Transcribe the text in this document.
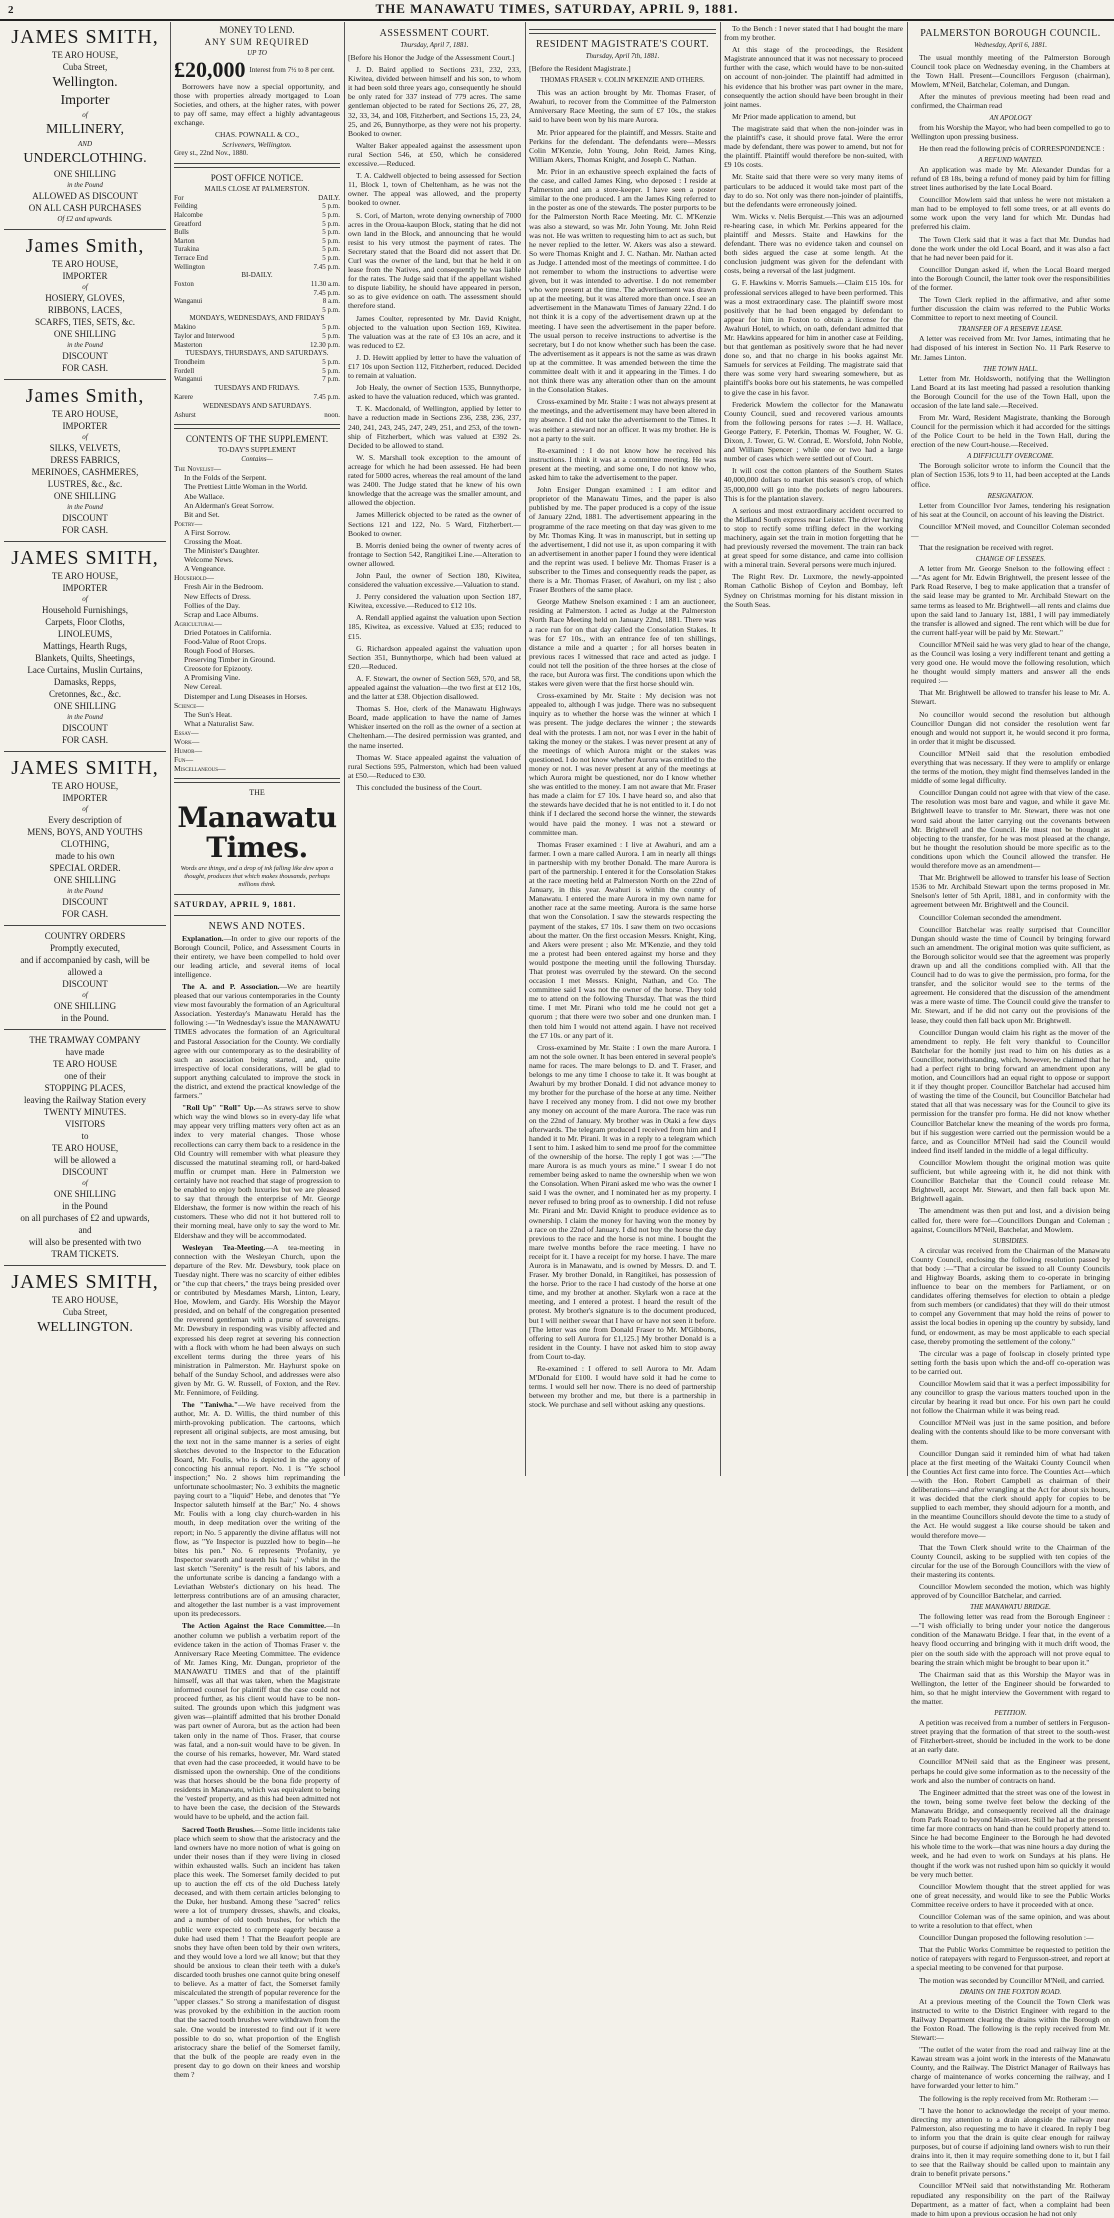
2	THE MANAWATU TIMES, SATURDAY, APRIL 9, 1881.
JAMES SMITH,
TE ARO HOUSE,
Cuba Street,
Wellington.
Importer
of
MILLINERY,
AND
UNDERCLOTHING.
ONE SHILLING
in the Pound
ALLOWED AS DISCOUNT
ON ALL CASH PURCHASES
Of £2 and upwards.
James Smith,
TE ARO HOUSE,
IMPORTER
of
HOSIERY, GLOVES,
RIBBONS, LACES,
SCARFS, TIES, SETS, &c.
ONE SHILLING
in the Pound
DISCOUNT
FOR CASH.
James Smith,
TE ARO HOUSE,
IMPORTER
of
SILKS, VELVETS,
DRESS FABRICS,
MERINOES, CASHMERES,
LUSTRES, &c., &c.
ONE SHILLING
in the Pound
DISCOUNT
FOR CASH.
JAMES SMITH,
TE ARO HOUSE,
IMPORTER
of
Household Furnishings,
Carpets, Floor Cloths,
LINOLEUMS,
Mattings, Hearth Rugs,
Blankets, Quilts, Sheetings,
Lace Curtains, Muslin Curtains,
Damasks, Repps,
Cretonnes, &c., &c.
ONE SHILLING
in the Pound
DISCOUNT
FOR CASH.
JAMES SMITH,
TE ARO HOUSE,
IMPORTER
of
Every description of
MENS, BOYS, AND YOUTHS
CLOTHING,
made to his own
SPECIAL ORDER.
ONE SHILLING
in the Pound
DISCOUNT
FOR CASH.
COUNTRY ORDERS
Promptly executed,
and if accompanied by cash, will be
allowed a
DISCOUNT
of
ONE SHILLING
in the Pound.
THE TRAMWAY COMPANY
have made
TE ARO HOUSE
one of their
STOPPING PLACES,
leaving the Railway Station every
TWENTY MINUTES.
VISITORS
to
TE ARO HOUSE,
will be allowed a
DISCOUNT
of
ONE SHILLING
in the Pound
on all purchases of £2 and upwards,
and
will also be presented with two
TRAM TICKETS.
JAMES SMITH,
TE ARO HOUSE,
Cuba Street,
WELLINGTON.
MONEY TO LEND.
ANY SUM REQUIRED
UP TO
£20,000 Interest from 7½ to 8 per cent.

Borrowers have now a special opportunity, and those with properties already mortgaged to Loan Societies, and others, at the higher rates, with power to pay off same, may effect a highly advantageous exchange.

CHAS. POWNALL & CO.,
Scriveners, Wellington.
Grey st., 22nd Nov., 1880.
POST OFFICE NOTICE.
MAILS CLOSE AT PALMERSTON.
For	DAILY.
Feilding	5 p.m.
Halcombe	5 p.m.
Greatford	5 p.m.
Bulls	5 p.m.
Marton	5 p.m.
Turakina	5 p.m.
Terrace End	5 p.m.
Wellington	7.45 p.m.
BI-DAILY.
Foxton	11.30 a.m.
7.45 p.m.
Wanganui	8 a.m.
5 p.m.
MONDAYS, WEDNESDAYS, AND FRIDAYS
Makino	5 p.m.
Taylor and Interwood	5 p.m.
Masterton	12.30 p.m.
TUESDAYS, THURSDAYS, AND SATURDAYS.
Trondheim	5 p.m.
Fordell	5 p.m.
Wanganui	7 p.m.
TUESDAYS AND FRIDAYS.
Karere	7.45 p.m.
WEDNESDAYS AND SATURDAYS.
Ashurst	noon.
CONTENTS OF THE SUPPLEMENT.
TO-DAY'S SUPPLEMENT
Contains—
The Novelist—
In the Folds of the Serpent.
The Prettiest Little Woman in the World.
Abe Wallace.
An Alderman's Great Sorrow.
Bit and Set.
Poetry—
A First Sorrow.
Crossing the Moat.
The Minister's Daughter.
Welcome News.
A Vengeance.
Household—
Fresh Air in the Bedroom.
New Effects of Dress.
Follies of the Day.
Scrap and Lace Albums.
Agricultural—
Dried Potatoes in California.
Food-Value of Root Crops.
Rough Food of Horses.
Preserving Timber in Ground.
Creosote for Epizooty.
A Promising Vine.
New Cereal.
Distemper and Lung Diseases in Horses.
Science—
The Sun's Heat.
What a Naturalist Saw.
Essay—
Work—
Humor—
Fun—
Miscellaneous—
THE
Manawatu Times.
Words are things, and a drop of ink falling like dew upon a thought, produces that which makes thousands, perhaps millions think.
SATURDAY, APRIL 9, 1881.
NEWS AND NOTES.

Explanation.—In order to give our reports of the Borough Council, Police, and Assessment Courts in their entirety, we have been compelled to hold over our leading article, and several items of local intelligence.

The A. and P. Association.—We are heartily pleased that our various contemporaries in the County view most favourably the formation of an Agricultural Association. Yesterday's Manawatu Herald has the following :—"In Wednesday's issue the MANAWATU TIMES advocates the formation of an Agricultural and Pastoral Association for the County. We cordially agree with our contemporary as to the desirability of such an association being started, and, quite irrespective of local considerations, will be glad to support anything calculated to improve the stock in the district, and extend the practical knowledge of the farmers."

"Roll Up" "Roll" Up.—As straws serve to show which way the wind blows so in every-day life what may appear very trifling matters very often act as an index to very material changes. Those whose recollections can carry them back to a residence in the Old Country will remember with what pleasure they discussed the matutinal steaming roll, or hard-baked muffin or crumpet man. Here in Palmerston we certainly have not reached that stage of progression to be enabled to enjoy both luxuries but we are pleased to say that through the enterprise of Mr. George Eldershaw, the former is now within the reach of his customers. These who did not it hot buttered roll to their morning meal, have only to say the word to Mr. Eldershaw and they will be accommodated.

Wesleyan Tea-Meeting.—A tea-meeting in connection with the Wesleyan Church, upon the departure of the Rev. Mr. Dewsbury, took place on Tuesday night. There was no scarcity of either edibles or "the cup that cheers," the trays being presided over or contributed by Mesdames Marsh, Linton, Leary, Hoe, Mowlem, and Gardy. His Worship the Mayor presided, and on behalf of the congregation presented the reverend gentleman with a purse of sovereigns. Mr. Dewsbury in responding was visibly affected and expressed his deep regret at severing his connection with a flock with whom he had been always on such excellent terms during the three years of his ministration in Palmerston. Mr. Hayhurst spoke on behalf of the Sunday School, and addresses were also given by Mr. G. W. Russell, of Foxton, and the Rev. Mr. Fennimore, of Feilding.

The "Taniwha."—We have received from the author, Mr. A. D. Willis, the third number of this mirth-provoking publication. The cartoons, which represent all original subjects, are most amusing, but the text not in the same manner is a series of eight sketches devoted to the Inspector to the Education Board, Mr. Foulis, who is depicted in the agony of concocting his annual report. No. 1 is "Ye school inspection;" No. 2 shows him reprimanding the unfortunate schoolmaster; No. 3 exhibits the magnetic paying court to a "liquid" Hebe, and denotes that "Ye Inspector saluteth himself at the Bar;" No. 4 shows Mr. Foulis with a long clay church-warden in his mouth, in deep meditation over the writing of the report; in No. 5 apparently the divine afflatus will not flow, as "Ye Inspector is puzzled how to begin—he bites his pen." No. 6 represents 'Profanity, ye Inspector swareth and teareth his hair ;' whilst in the last sketch "Serenity" is the result of his labors, and the unfortunate scribe is dancing a fandango with a Leviathan Webster's dictionary on his head. The letterpress contributions are of an amusing character, and altogether the last number is a vast improvement upon its predecessors.

The Action Against the Race Committee.—In another column we publish a verbatim report of the evidence taken in the action of Thomas Fraser v. the Anniversary Race Meeting Committee. The evidence of Mr. James King, Mr. Dungan, proprietor of the MANAWATU TIMES and that of the plaintiff himself, was all that was taken, when the Magistrate informed counsel for plaintiff that the case could not proceed further, as his client would have to be non-suited. The grounds upon which this judgment was given was—plaintiff admitted that his brother Donald was part owner of Aurora, but as the action had been taken only in the name of Thos. Fraser, that course was fatal, and a non-suit would have to be given. In the course of his remarks, however, Mr. Ward stated that even had the case proceeded, it would have to be dismissed upon the ownership. One of the conditions was that horses should be the bona fide property of residents in Manawatu, which was equivalent to being the 'vested' property, and as this had been admitted not to have been the case, the decision of the Stewards would have to be upheld, and the action fail.

Sacred Tooth Brushes.—Some little incidents take place which seem to show that the aristocracy and the land owners have no more notion of what is going on under their noses than if they were living in closed within exhausted walls. Such an incident has taken place this week. The Somerset family decided to put up to auction the eff cts of the old Duchess lately deceased, and with them certain articles belonging to the Duke, her husband. Among these "sacred" relics were a lot of trumpery dresses, shawls, and cloaks, and a number of old tooth brushes, for which the public were expected to compete eagerly because a duke had used them ! That the Beaufort people are snobs they have often been told by their own writers, and they would love a lord we all know; but that they should be anxious to clean their teeth with a duke's discarded tooth brushes one cannot quite bring oneself to believe. As a matter of fact, the Somerset family miscalculated the strength of popular reverence for the "upper classes." So strong a manifestation of disgust was provoked by the exhibition in the auction room that the sacred tooth brushes were withdrawn from the sale. One would be interested to find out if it were possible to do so, what proportion of the English aristocracy share the belief of the Somerset family, that the bulk of the people are ready even in the present day to go down on their knees and worship them ?

ASSESSMENT COURT.
Thursday, April 7, 1881.

[Before his Honor the Judge of the Assessment Court.]

J. D. Baird applied to Sections 231, 232, 233, Kiwitea, divided between himself and his son, to whom it had been sold three years ago, consequently he should be only rated for 337 instead of 779 acres. The same gentleman objected to be rated for Sections 26, 27, 28, 32, 33, 34, and 108, Fitzherbert, and Sections 15, 23, 24, 25, and 26, Bunnythorpe, as they were not his property. Booked to owner.

Walter Baker appealed against the assessment upon rural Section 546, at £50, which he considered excessive.—Reduced.

T. A. Caldwell objected to being assessed for Section 11, Block 1, town of Cheltenham, as he was not the owner. The appeal was allowed, and the property booked to owner.

S. Cori, of Marton, wrote denying ownership of 7000 acres in the Oroua-kaupon Block, stating that he did not own land in the Block, and announcing that he would resist to his very utmost the payment of rates. The Secretary stated that the Board did not assert that Dr. Curl was the owner of the land, but that he held it on lease from the Natives, and consequently he was liable for the rates. The Judge said that if the appellant wished to dispute liability, he should have appeared in person, so as to give evidence on oath. The assessment should therefore stand.

James Coulter, represented by Mr. David Knight, objected to the valuation upon Section 169, Kiwitea. The valuation was at the rate of £3 10s an acre, and it was reduced to £2.

J. D. Hewitt applied by letter to have the valuation of £17 10s upon Section 112, Fitzherbert, reduced. Decided to remain at valuation.

Job Healy, the owner of Section 1535, Bunnythorpe, asked to have the valuation reduced, which was granted.

T. K. Macdonald, of Wellington, applied by letter to have a reduction made in Sections 236, 238, 236, 237, 240, 241, 243, 245, 247, 249, 251, and 253, of the town-ship of Fitzherbert, which was valued at £392 2s. Decided to be allowed to stand.

W. S. Marshall took exception to the amount of acreage for which he had been assessed. He had been rated for 5000 acres, whereas the real amount of the land was 2400. The Judge stated that he knew of his own knowledge that the acreage was the smaller amount, and allowed the objection.

James Millerick objected to be rated as the owner of Sections 121 and 122, No. 5 Ward, Fitzherbert.—Booked to owner.

B. Morris denied being the owner of twenty acres of frontage to Section 542, Rangitikei Line.—Alteration to owner allowed.

John Paul, the owner of Section 180, Kiwitea, considered the valuation excessive.—Valuation to stand.

J. Perry considered the valuation upon Section 187, Kiwitea, excessive.—Reduced to £12 10s.

A. Rendall applied against the valuation upon Section 185, Kiwitea, as excessive. Valued at £35; reduced to £15.

G. Richardson appealed against the valuation upon Section 351, Bunnythorpe, which had been valued at £20.—Reduced.

A. F. Stewart, the owner of Section 569, 570, and 58, appealed against the valuation—the two first at £12 10s, and the latter at £38. Objection disallowed.

Thomas S. Hoe, clerk of the Manawatu Highways Board, made application to have the name of James Whisker inserted on the roll as the owner of a section at Cheltenham.—The desired permission was granted, and the name inserted.

Thomas W. Stace appealed against the valuation of rural Sections 595, Palmerston, which had been valued at £50.—Reduced to £30.

This concluded the business of the Court.

RESIDENT MAGISTRATE'S COURT.
Thursday, April 7th, 1881.

[Before the Resident Magistrate.]

THOMAS FRASER v. COLIN M'KENZIE AND OTHERS.

This was an action brought by Mr. Thomas Fraser, of Awahuri, to recover from the Committee of the Palmerston Anniversary Race Meeting, the sum of £7 10s., the stakes said to have been won by his mare Aurora.

Mr. Prior appeared for the plaintiff, and Messrs. Staite and Perkins for the defendant. The defendants were—Messrs Colin M'Kenzie, John Young, John Reid, James King, William Akers, Thomas Knight, and Joseph C. Nathan.

Mr. Prior in an exhaustive speech explained the facts of the case, and called James King, who deposed : I reside at Palmerston and am a store-keeper. I have seen a poster similar to the one produced. I am the James King referred to in the poster as one of the stewards. The poster purports to be for the Palmerston North Race Meeting. Mr. C. M'Kenzie was also a steward, so was Mr. John Young. Mr. John Reid was not. He was written to requesting him to act as such, but he never replied to the letter. W. Akers was also a steward. So were Thomas Knight and J. C. Nathan. Mr. Nathan acted as Judge. I attended most of the meetings of committee. I do not remember to whom the instructions to advertise were given, but it was intended to advertise. I do not remember who were present at the time. The advertisement was drawn up at the meeting, but it was altered more than once. I see an advertisement in the Manawatu Times of January 22nd. I do not think it is a copy of the advertisement drawn up at the meeting. I have seen the advertisement in the paper before. The usual person to receive instructions to advertise is the secretary, but I do not know whether such has been the case. The advertisement as it appears is not the same as was drawn up at the committee. It was amended between the time the committee dealt with it and it appearing in the Times. I do not think there was any alteration other than on the amount in the Consolation Stakes.

Cross-examined by Mr. Staite : I was not always present at the meetings, and the advertisement may have been altered in my absence. I did not take the advertisement to the Times. It was neither a steward nor an officer. It was my brother. He is not a party to the suit.

Re-examined : I do not know how he received his instructions. I think it was at a committee meeting. He was present at the meeting, and some one, I do not know who, asked him to take the advertisement to the paper.

John Ensiger Dungan examined : I am editor and proprietor of the Manawatu Times, and the paper is also published by me. The paper produced is a copy of the issue of January 22nd, 1881. The advertisement appearing in the programme of the race meeting on that day was given to me by Mr. Thomas King. It was in manuscript, but in setting up the advertisement, I did not use it, as upon comparing it with an advertisement in another paper I found they were identical and the reprint was used. I believe Mr. Thomas Fraser is a subscriber to the Times and consequently reads the paper, as there is a Mr. Thomas Fraser, of Awahuri, on my list ; also Fraser Brothers of the same place.

George Mathew Snelson examined : I am an auctioneer, residing at Palmerston. I acted as Judge at the Palmerston North Race Meeting held on January 22nd, 1881. There was a race run for on that day called the Consolation Stakes. It was for £7 10s., with an entrance fee of ten shillings, distance a mile and a quarter ; for all horses beaten in previous races I witnessed that race and acted as judge. I could not tell the position of the three horses at the close of the race, but Aurora was first. The conditions upon which the stakes were given were that the first horse should win.

Cross-examined by Mr. Staite : My decision was not appealed to, although I was judge. There was no subsequent inquiry as to whether the horse was the winner at which I was present. The judge declares the winner ; the stewards deal with the protests. I am not, nor was I ever in the habit of taking the money or the stakes. I was never present at any of the meetings of which Aurora might or the stakes was questioned. I do not know whether Aurora was entitled to the money or not. I was never present at any of the meetings at which Aurora might be questioned, nor do I know whether she was entitled to the money. I am not aware that Mr. Fraser has made a claim for £7 10s. I have heard so, and also that the stewards have decided that he is not entitled to it. I do not think if I declared the second horse the winner, the stewards would have paid the money. I was not a steward or committee man.

Thomas Fraser examined : I live at Awahuri, and am a farmer. I own a mare called Aurora. I am in nearly all things in partnership with my brother Donald. The mare Aurora is part of the partnership. I entered it for the Consolation Stakes at the race meeting held at Palmerston North on the 22nd of January, in this year. Awahuri is within the county of Manawatu. I entered the mare Aurora in my own name for another race at the same meeting. Aurora is the same horse that won the Consolation. I saw the stewards respecting the payment of the stakes, £7 10s. I saw them on two occasions about the matter. On the first occasion Messrs. Knight, King, and Akers were present ; also Mr. M'Kenzie, and they told me a protest had been entered against my horse and they would postpone the meeting until the following Thursday. That protest was overruled by the steward. On the second occasion I met Messrs. Knight, Nathan, and Co. The committee said I was not the owner of the horse. They told me to attend on the following Thursday. That was the third time. I met Mr. Pirani who told me he could not get a quorum ; that there were two sober and one drunken man. I then told him I would not attend again. I have not received the £7 10s. or any part of it.

Cross-examined by Mr. Staite : I own the mare Aurora. I am not the sole owner. It has been entered in several people's name for races. The mare belongs to D. and T. Fraser, and belongs to me any time I choose to take it. It was bought at Awahuri by my brother Donald. I did not advance money to my brother for the purchase of the horse at any time. Neither have I received any money from. I did not owe my brother any money on account of the mare Aurora. The race was run on the 22nd of January. My brother was in Otaki a few days afterwards. The telegram produced I received from him and I handed it to Mr. Pirani. It was in a reply to a telegram which I sent to him. I asked him to send me proof for the committee of the ownership of the horse. The reply I got was :—"The mare Aurora is as much yours as mine." I swear I do not remember being asked to name the ownership when we won the Consolation. When Pirani asked me who was the owner I said I was the owner, and I nominated her as my property. I never refused to bring proof as to ownership. I did not refuse Mr. Pirani and Mr. David Knight to produce evidence as to ownership. I claim the money for having won the money by a race on the 22nd of January. I did not buy the horse the day previous to the race and the horse is not mine. I bought the mare twelve months before the race meeting. I have no receipt for it. I have a receipt for my horse. I have. The mare Aurora is in Manawatu, and is owned by Messrs. D. and T. Fraser. My brother Donald, in Rangitikei, has possession of the horse. Prior to the race I had custody of the horse at one time, and my brother at another. Skylark won a race at the meeting, and I entered a protest. I heard the result of the protest. My brother's signature is to the document produced, but I will neither swear that I have or have not seen it before. [The letter was one from Donald Fraser to Mr. M'Gibbons, offering to sell Aurora for £1,125.] My brother Donald is a resident in the County. I have not asked him to stop away from Court to-day.

Re-examined : I offered to sell Aurora to Mr. Adam M'Donald for £100. I would have sold it had he come to terms. I would sell her now. There is no deed of partnership between my brother and me, but there is a partnership in stock. We purchase and sell without asking any questions.

To the Bench : I never stated that I had bought the mare from my brother.

At this stage of the proceedings, the Resident Magistrate announced that it was not necessary to proceed further with the case, which would have to be non-suited on account of non-joinder. The plaintiff had admitted in his evidence that his brother was part owner in the mare, consequently the action should have been brought in their joint names.

Mr Prior made application to amend, but

The magistrate said that when the non-joinder was in the plaintiff's case, it should prove fatal. Were the error made by defendant, there was power to amend, but not for the plaintiff. Plaintiff would therefore be non-suited, with £9 10s costs.

Mr. Staite said that there were so very many items of particulars to be adduced it would take most part of the day to do so. Not only was there non-joinder of plaintiffs, but the defendants were erroneously joined.

Wm. Wicks v. Nelis Berquist.—This was an adjourned re-hearing case, in which Mr. Perkins appeared for the plaintiff and Messrs. Staite and Hawkins for the defendant. There was no evidence taken and counsel on both sides argued the case at some length. At the conclusion judgment was given for the defendant with costs, being a reversal of the last judgment.

G. F. Hawkins v. Morris Samuels.—Claim £15 10s. for professional services alleged to have been performed. This was a most extraordinary case. The plaintiff swore most positively that he had been engaged by defendant to appear for him in Foxton to obtain a license for the Awahuri Hotel, to which, on oath, defendant admitted that Mr. Hawkins appeared for him in another case at Feilding, but that gentleman as positively swore that he had never done so, and that no charge in his books against Mr. Samuels for services at Feilding. The magistrate said that there was some very hard swearing somewhere, but as plaintiff's books bore out his statements, he was compelled to give the case in his favor.

Frederick Mowlem the collector for the Manawatu County Council, sued and recovered various amounts from the following persons for rates :—J. H. Wallace, George Pattery, F. Peterkin, Thomas W. Fougher, W. G. Dixon, J. Tower, G. W. Conrad, E. Worsfold, John Noble, and William Spencer ; while one or two had a large number of cases which were settled out of Court.

It will cost the cotton planters of the Southern States 40,000,000 dollars to market this season's crop, of which 35,000,000 will go into the pockets of negro labourers. This is for the plantation slavery.

A serious and most extraordinary accident occurred to the Midland South express near Leister. The driver having to stop to rectify some trifling defect in the working machinery, again set the train in motion forgetting that he had previously reversed the movement. The train ran back at great speed for some distance, and came into collision with a mineral train. Several persons were much injured.

The Right Rev. Dr. Luxmore, the newly-appointed Roman Catholic Bishop of Ceylon and Bombay, left Sydney on Christmas morning for his distant mission in the South Seas.

PALMERSTON BOROUGH COUNCIL.
Wednesday, April 6, 1881.

The usual monthly meeting of the Palmerston Borough Council took place on Wednesday evening, in the Chambers at the Town Hall. Present—Councillors Ferguson (chairman), Mowlem, M'Neil, Batchelar, Coleman, and Dungan.

After the minutes of previous meeting had been read and confirmed, the Chairman read

AN APOLOGY

from his Worship the Mayor, who had been compelled to go to Wellington upon pressing business.

He then read the following précis of CORRESPONDENCE :

A REFUND WANTED.

An application was made by Mr. Alexander Dundas for a refund of £8 18s, being a refund of money paid by him for filling street lines authorised by the late Local Board.

Councillor Mowlem said that unless he were not mistaken a man had to be employed to fell some trees, or at all events do some work upon the very land for which Mr. Dundas had preferred his claim.

The Town Clerk said that it was a fact that Mr. Dundas had done the work under the old Local Board, and it was also a fact that he had never been paid for it.

Councillor Dungan asked if, when the Local Board merged into the Borough Council, the latter took over the responsibilities of the former.

The Town Clerk replied in the affirmative, and after some further discussion the claim was referred to the Public Works Committee to report to next meeting of Council.

TRANSFER OF A RESERVE LEASE.

A letter was received from Mr. Ivor James, intimating that he had disposed of his interest in Section No. 11 Park Reserve to Mr. James Linton.

THE TOWN HALL.

Letter from Mr. Holdsworth, notifying that the Wellington Land Board at its last meeting had passed a resolution thanking the Borough Council for the use of the Town Hall, upon the occasion of the late land sale.—Received.

From Mr. Ward, Resident Magistrate, thanking the Borough Council for the permission which it had accorded for the sittings of the Police Court to be held in the Town Hall, during the erection of the new Court-house.—Received.

A DIFFICULTY OVERCOME.

The Borough solicitor wrote to inform the Council that the plan of Section 1536, lots 9 to 11, had been accepted at the Lands office.

RESIGNATION.

Letter from Councillor Ivor James, tendering his resignation of his seat at the Council, on account of his leaving the District.

Councillor M'Neil moved, and Councillor Coleman seconded—

That the resignation be received with regret.

CHANGE OF LESSEES.

A letter from Mr. George Snelson to the following effect :—"As agent for Mr. Edwin Brightwell, the present lessee of the Park Road Reserve, I beg to make application that a transfer of the said lease may be granted to Mr. Archibald Stewart on the same terms as leased to Mr. Brightwell—all rents and claims due upon the said land to January 1st, 1881, I will pay immediately the transfer is allowed and signed. The rent which will be due for the current half-year will be paid by Mr. Stewart."

Councillor M'Neil said he was very glad to hear of the change, as the Council was losing a very indifferent tenant and getting a very good one. He would move the following resolution, which he thought would simply matters and answer all the ends required :—

That Mr. Brightwell be allowed to transfer his lease to Mr. A. Stewart.

No councillor would second the resolution but although Councillor Dungan did not consider the resolution went far enough and would not support it, he would second it pro forma, in order that it might be discussed.

Councillor M'Neil said that the resolution embodied everything that was necessary. If they were to amplify or enlarge the terms of the motion, they might find themselves landed in the middle of some legal difficulty.

Councillor Dungan could not agree with that view of the case. The resolution was most bare and vague, and while it gave Mr. Brightwell leave to transfer to Mr. Stewart, there was not one word said about the latter carrying out the covenants between Mr. Brightwell and the Council. He must not be thought as objecting to the transfer, for he was most pleased at the change, but he thought the resolution should be more specific as to the conditions upon which the Council allowed the transfer. He would therefore move as an amendment—

That Mr. Brightwell be allowed to transfer his lease of Section 1536 to Mr. Archibald Stewart upon the terms proposed in Mr. Snelson's letter of 5th April, 1881, and in conformity with the agreement between Mr. Brightwell and the Council.

Councillor Coleman seconded the amendment.

Councillor Batchelar was really surprised that Councillor Dungan should waste the time of Council by bringing forward such an amendment. The original motion was quite sufficient, as the Borough solicitor would see that the agreement was properly drawn up and all the conditions complied with. All that the Council had to do was to give the permission, pro forma, for the transfer, and the solicitor would see to the terms of the agreement. He considered that the discussion of the amendment was a mere waste of time. The Council could give the transfer to Mr. Stewart, and if he did not carry out the provisions of the lease, they could then fall back upon Mr. Brightwell.

Councillor Dungan would claim his right as the mover of the amendment to reply. He felt very thankful to Councillor Batchelar for the homily just read to him on his duties as a Councillor, notwithstanding, which, however, he claimed that he had a perfect right to bring forward an amendment upon any motion, and Councillors had an equal right to oppose or support it if they thought proper. Councillor Batchelar had accused him of wasting the time of the Council, but Councillor Batchelar had stated that all that was necessary was for the Council to give its permission for the transfer pro forma. He did not know whether Councillor Batchelar knew the meaning of the words pro forma, but if his suggestion were carried out the permission would be a farce, and as Councillor M'Neil had said the Council would indeed find itself landed in the middle of a legal difficulty.

Councillor Mowlem thought the original motion was quite sufficient, but while agreeing with it, he did not think with Councillor Batchelar that the Council could release Mr. Brightwell, accept Mr. Stewart, and then fall back upon Mr. Brightwell again.

The amendment was then put and lost, and a division being called for, there were for—Councillors Dungan and Coleman ; against, Councillors M'Neil, Batchelar, and Mowlem.

SUBSIDIES.

A circular was received from the Chairman of the Manawatu County Council, enclosing the following resolution passed by that body :—"That a circular be issued to all County Councils and Highway Boards, asking them to co-operate in bringing influence to bear on the members for Parliament, or on candidates offering themselves for election to obtain a pledge from such members (or candidates) that they will do their utmost to compel any Government that may hold the reins of power to assist the local bodies in opening up the country by subsidy, land fund, or endowment, as may be most applicable to each special case, thereby promoting the settlement of the colony."

The circular was a page of foolscap in closely printed type setting forth the basis upon which the and-off co-operation was to be carried out.

Councillor Mowlem said that it was a perfect impossibility for any councillor to grasp the various matters touched upon in the circular by hearing it read but once. For his own part he could not follow the Chairman while it was being read.

Councillor M'Neil was just in the same position, and before dealing with the contents should like to be more conversant with them.

Councillor Dungan said it reminded him of what had taken place at the first meeting of the Waitaki County Council when the Counties Act first came into force. The Counties Act—which—with the Hon. Robert Campbell as chairman of their deliberations—and after wrangling at the Act for about six hours, it was decided that the clerk should apply for copies to be supplied to each member, they should adjourn for a month, and in the meantime Councillors should devote the time to a study of the Act. He would suggest a like course should be taken and would therefore move—

That the Town Clerk should write to the Chairman of the County Council, asking to be supplied with ten copies of the circular for the use of the Borough Councillors with the view of their mastering its contents.

Councillor Mowlem seconded the motion, which was highly approved of by Councillor Batchelar, and carried.

THE MANAWATU BRIDGE.

The following letter was read from the Borough Engineer :—"I wish officially to bring under your notice the dangerous condition of the Manawatu Bridge. I fear that, in the event of a heavy flood occurring and bringing with it much drift wood, the pier on the south side with the approach will not prove equal to bearing the strain which might be brought to bear upon it."

The Chairman said that as this Worship the Mayor was in Wellington, the letter of the Engineer should be forwarded to him, so that he might interview the Government with regard to the matter.

PETITION.

A petition was received from a number of settlers in Ferguson-street praying that the formation of that street to the south-west of Fitzherbert-street, should be included in the work to be done at an early date.

Councillor M'Neil said that as the Engineer was present, perhaps he could give some information as to the necessity of the work and also the number of contracts on hand.

The Engineer admitted that the street was one of the lowest in the town, being some twelve feet below the decking of the Manawatu Bridge, and consequently received all the drainage from Park Road to beyond Main-street. Still he had at the present time far more contracts on hand than he could properly attend to. Since he had become Engineer to the Borough he had devoted his whole time to the work—that was nine hours a day during the week, and he had even to work on Sundays at his plans. He thought if the work was not rushed upon him so quickly it would be very much better.

Councillor Mowlem thought that the street applied for was one of great necessity, and would like to see the Public Works Committee receive orders to have it proceeded with at once.

Councillor Coleman was of the same opinion, and was about to write a resolution to that effect, when

Councillor Dungan proposed the following resolution :—

That the Public Works Committee be requested to petition the notice of ratepayers with regard to Fergusson-street, and report at a special meeting to be convened for that purpose.

The motion was seconded by Councillor M'Neil, and carried.

DRAINS ON THE FOXTON ROAD.

At a previous meeting of the Council the Town Clerk was instructed to write to the District Engineer with regard to the Railway Department clearing the drains within the Borough on the Foxton Road. The following is the reply received from Mr. Stewart:—

"The outlet of the water from the road and railway line at the Kawau stream was a joint work in the interests of the Manawatu County, and the Railway. The District Manager of Railways has charge of maintenance of works concerning the railway, and I have forwarded your letter to him."

The following is the reply received from Mr. Rotheram :—

"I have the honor to acknowledge the receipt of your memo. directing my attention to a drain alongside the railway near Palmerston, also requesting me to have it cleared. In reply I beg to inform you that the drain is quite clear enough for railway purposes, but of course if adjoining land owners wish to run their drains into it, then it may require something done to it, but I fail to see that the Railway should be called upon to maintain any drain to benefit private persons."

Councillor M'Neil said that notwithstanding Mr. Rotheram repudiated any responsibility on the part of the Railway Department, as a matter of fact, when a complaint had been made to him upon a previous occasion he had not only
